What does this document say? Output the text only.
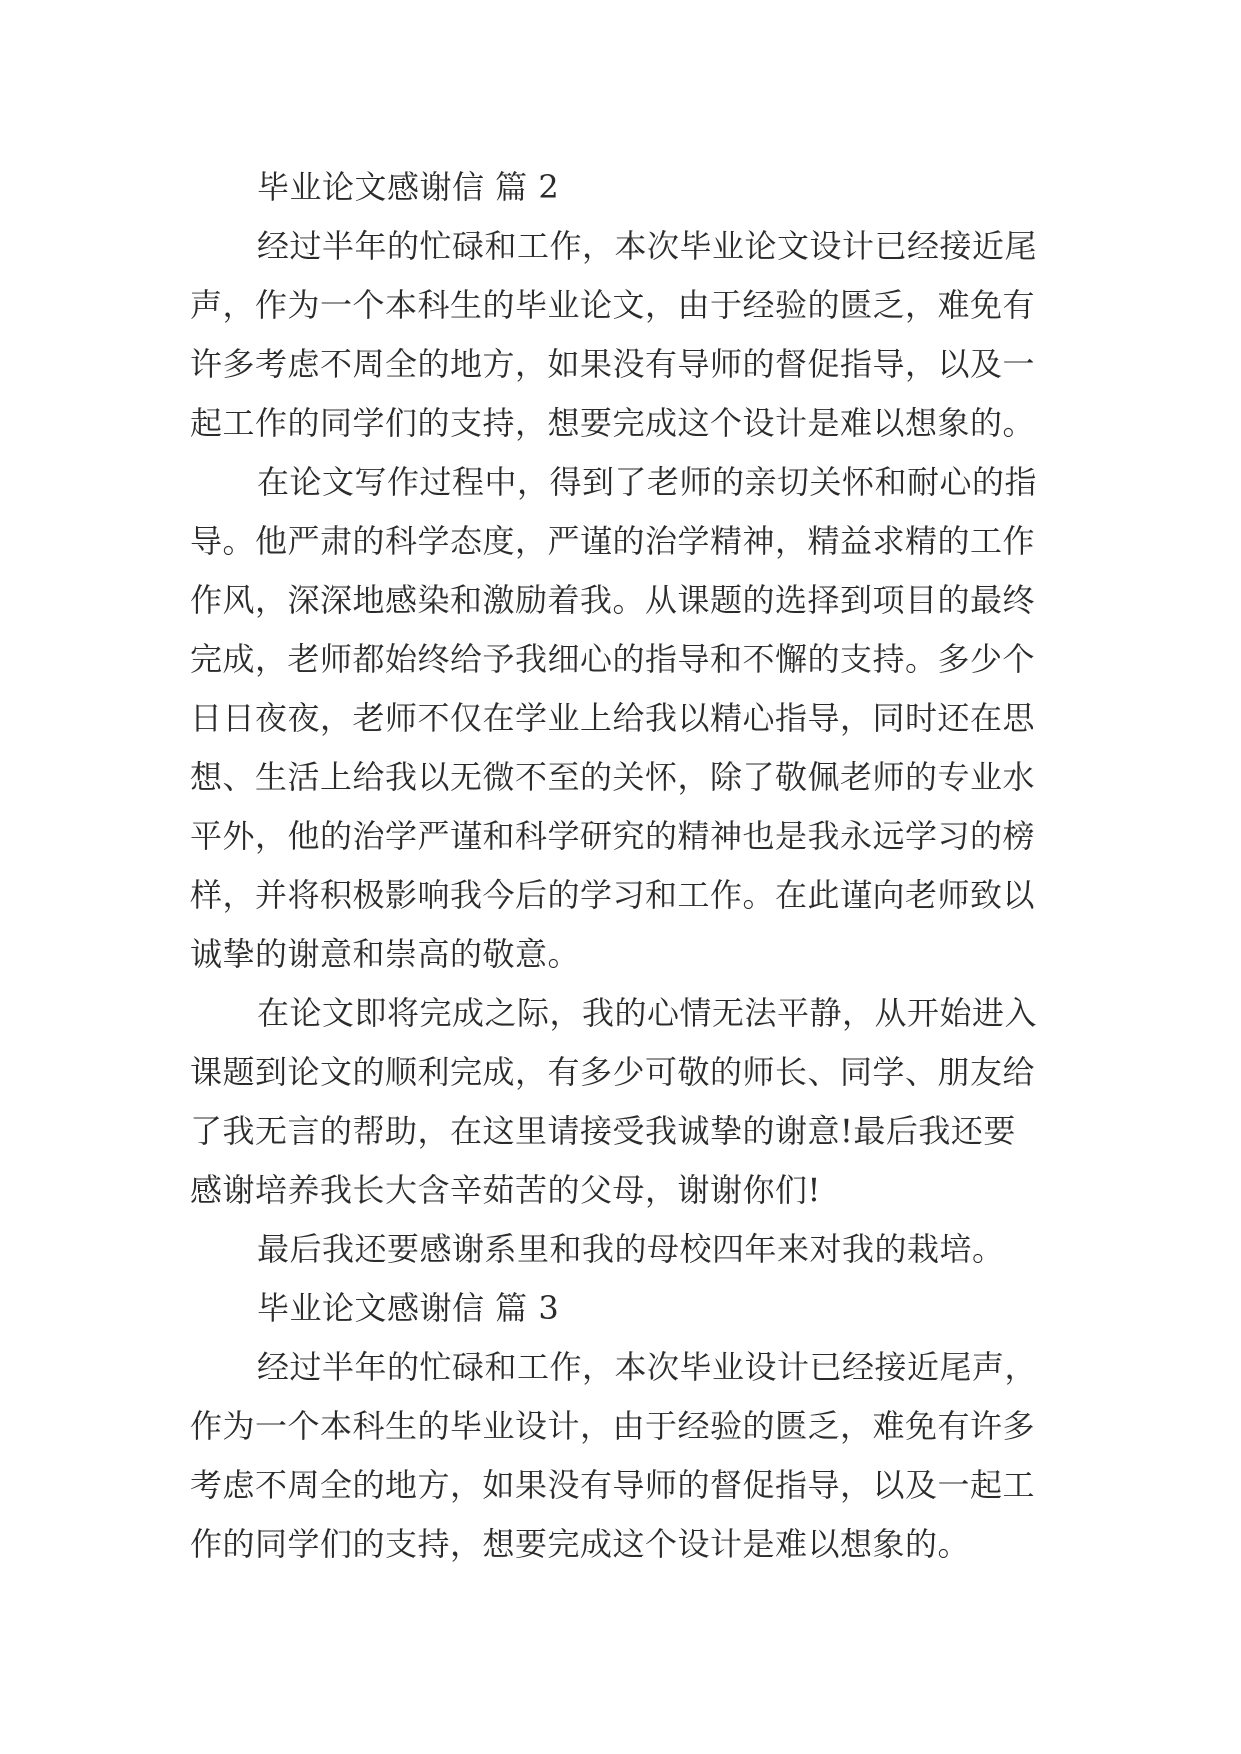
毕业论文感谢信 篇 2

经过半年的忙碌和工作，本次毕业论文设计已经接近尾

声，作为一个本科生的毕业论文，由于经验的匮乏，难免有

许多考虑不周全的地方，如果没有导师的督促指导，以及一

起工作的同学们的支持，想要完成这个设计是难以想象的。

在论文写作过程中，得到了老师的亲切关怀和耐心的指

导。他严肃的科学态度，严谨的治学精神，精益求精的工作

作风，深深地感染和激励着我。从课题的选择到项目的最终

完成，老师都始终给予我细心的指导和不懈的支持。多少个

日日夜夜，老师不仅在学业上给我以精心指导，同时还在思

想、生活上给我以无微不至的关怀，除了敬佩老师的专业水

平外，他的治学严谨和科学研究的精神也是我永远学习的榜

样，并将积极影响我今后的学习和工作。在此谨向老师致以

诚挚的谢意和崇高的敬意。

在论文即将完成之际，我的心情无法平静，从开始进入

课题到论文的顺利完成，有多少可敬的师长、同学、朋友给

了我无言的帮助，在这里请接受我诚挚的谢意!最后我还要

感谢培养我长大含辛茹苦的父母，谢谢你们!

最后我还要感谢系里和我的母校四年来对我的栽培。

毕业论文感谢信 篇 3

经过半年的忙碌和工作，本次毕业设计已经接近尾声，

作为一个本科生的毕业设计，由于经验的匮乏，难免有许多

考虑不周全的地方，如果没有导师的督促指导，以及一起工

作的同学们的支持，想要完成这个设计是难以想象的。
